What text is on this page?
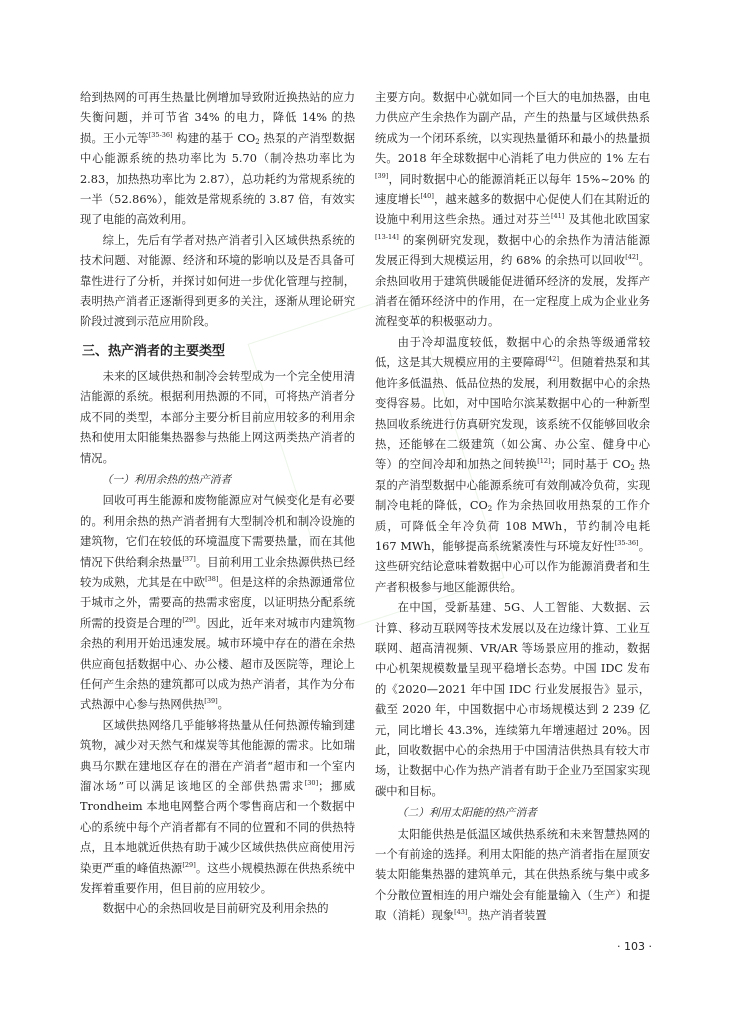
给到热网的可再生热量比例增加导致附近换热站的应力失衡问题，并可节省 34% 的电力，降低 14% 的热损。王小元等[35-36] 构建的基于 $CO_2$ 热泵的产消型数据中心能源系统的热功率比为 5.70（制冷热功率比为 2.83，加热热功率比为 2.87），总功耗约为常规系统的一半（52.86%），能效是常规系统的 3.87 倍，有效实现了电能的高效利用。

综上，先后有学者对热产消者引入区域供热系统的技术问题、对能源、经济和环境的影响以及是否具备可靠性进行了分析，并探讨如何进一步优化管理与控制，表明热产消者正逐渐得到更多的关注，逐渐从理论研究阶段过渡到示范应用阶段。

三、热产消者的主要类型

未来的区域供热和制冷会转型成为一个完全使用清洁能源的系统。根据利用热源的不同，可将热产消者分成不同的类型，本部分主要分析目前应用较多的利用余热和使用太阳能集热器参与热能上网这两类热产消者的情况。

（一）利用余热的热产消者

回收可再生能源和废物能源应对气候变化是有必要的。利用余热的热产消者拥有大型制冷机和制冷设施的建筑物，它们在较低的环境温度下需要热量，而在其他情况下供给剩余热量[37]。目前利用工业余热源供热已经较为成熟，尤其是在中欧[38]。但是这样的余热源通常位于城市之外，需要高的热需求密度，以证明热分配系统所需的投资是合理的[29]。因此，近年来对城市内建筑物余热的利用开始迅速发展。城市环境中存在的潜在余热供应商包括数据中心、办公楼、超市及医院等，理论上任何产生余热的建筑都可以成为热产消者，其作为分布式热源中心参与热网供热[39]。

区域供热网络几乎能够将热量从任何热源传输到建筑物，减少对天然气和煤炭等其他能源的需求。比如瑞典马尔默在建地区存在的潜在产消者“超市和一个室内溜冰场”可以满足该地区的全部供热需求[30]；挪威 Trondheim 本地电网整合两个零售商店和一个数据中心的系统中每个产消者都有不同的位置和不同的供热特点，且本地就近供热有助于减少区域供热供应商使用污染更严重的峰值热源[29]。这些小规模热源在供热系统中发挥着重要作用，但目前的应用较少。

数据中心的余热回收是目前研究及利用余热的

主要方向。数据中心就如同一个巨大的电加热器，由电力供应产生余热作为副产品，产生的热量与区域供热系统成为一个闭环系统，以实现热量循环和最小的热量损失。2018 年全球数据中心消耗了电力供应的 1% 左右[39]，同时数据中心的能源消耗正以每年 15%~20% 的速度增长[40]，越来越多的数据中心促使人们在其附近的设施中利用这些余热。通过对芬兰[41] 及其他北欧国家[13-14] 的案例研究发现，数据中心的余热作为清洁能源发展正得到大规模运用，约 68% 的余热可以回收[42]。余热回收用于建筑供暖能促进循环经济的发展，发挥产消者在循环经济中的作用，在一定程度上成为企业业务流程变革的积极驱动力。

由于冷却温度较低，数据中心的余热等级通常较低，这是其大规模应用的主要障碍[42]。但随着热泵和其他许多低温热、低品位热的发展，利用数据中心的余热变得容易。比如，对中国哈尔滨某数据中心的一种新型热回收系统进行仿真研究发现，该系统不仅能够回收余热，还能够在二级建筑（如公寓、办公室、健身中心等）的空间冷却和加热之间转换[12]；同时基于 $CO_2$ 热泵的产消型数据中心能源系统可有效削减冷负荷，实现制冷电耗的降低，$CO_2$ 作为余热回收用热泵的工作介质，可降低全年冷负荷 108 MWh，节约制冷电耗 167 MWh，能够提高系统紧凑性与环境友好性[35-36]。这些研究结论意味着数据中心可以作为能源消费者和生产者积极参与地区能源供给。

在中国，受新基建、5G、人工智能、大数据、云计算、移动互联网等技术发展以及在边缘计算、工业互联网、超高清视频、VR/AR 等场景应用的推动，数据中心机架规模数量呈现平稳增长态势。中国 IDC 发布的《2020—2021 年中国 IDC 行业发展报告》显示，截至 2020 年，中国数据中心市场规模达到 2 239 亿元，同比增长 43.3%，连续第九年增速超过 20%。因此，回收数据中心的余热用于中国清洁供热具有较大市场，让数据中心作为热产消者有助于企业乃至国家实现碳中和目标。

（二）利用太阳能的热产消者

太阳能供热是低温区域供热系统和未来智慧热网的一个有前途的选择。利用太阳能的热产消者指在屋顶安装太阳能集热器的建筑单元，其在供热系统与集中或多个分散位置相连的用户端处会有能量输入（生产）和提取（消耗）现象[43]。热产消者装置

· 103 ·
